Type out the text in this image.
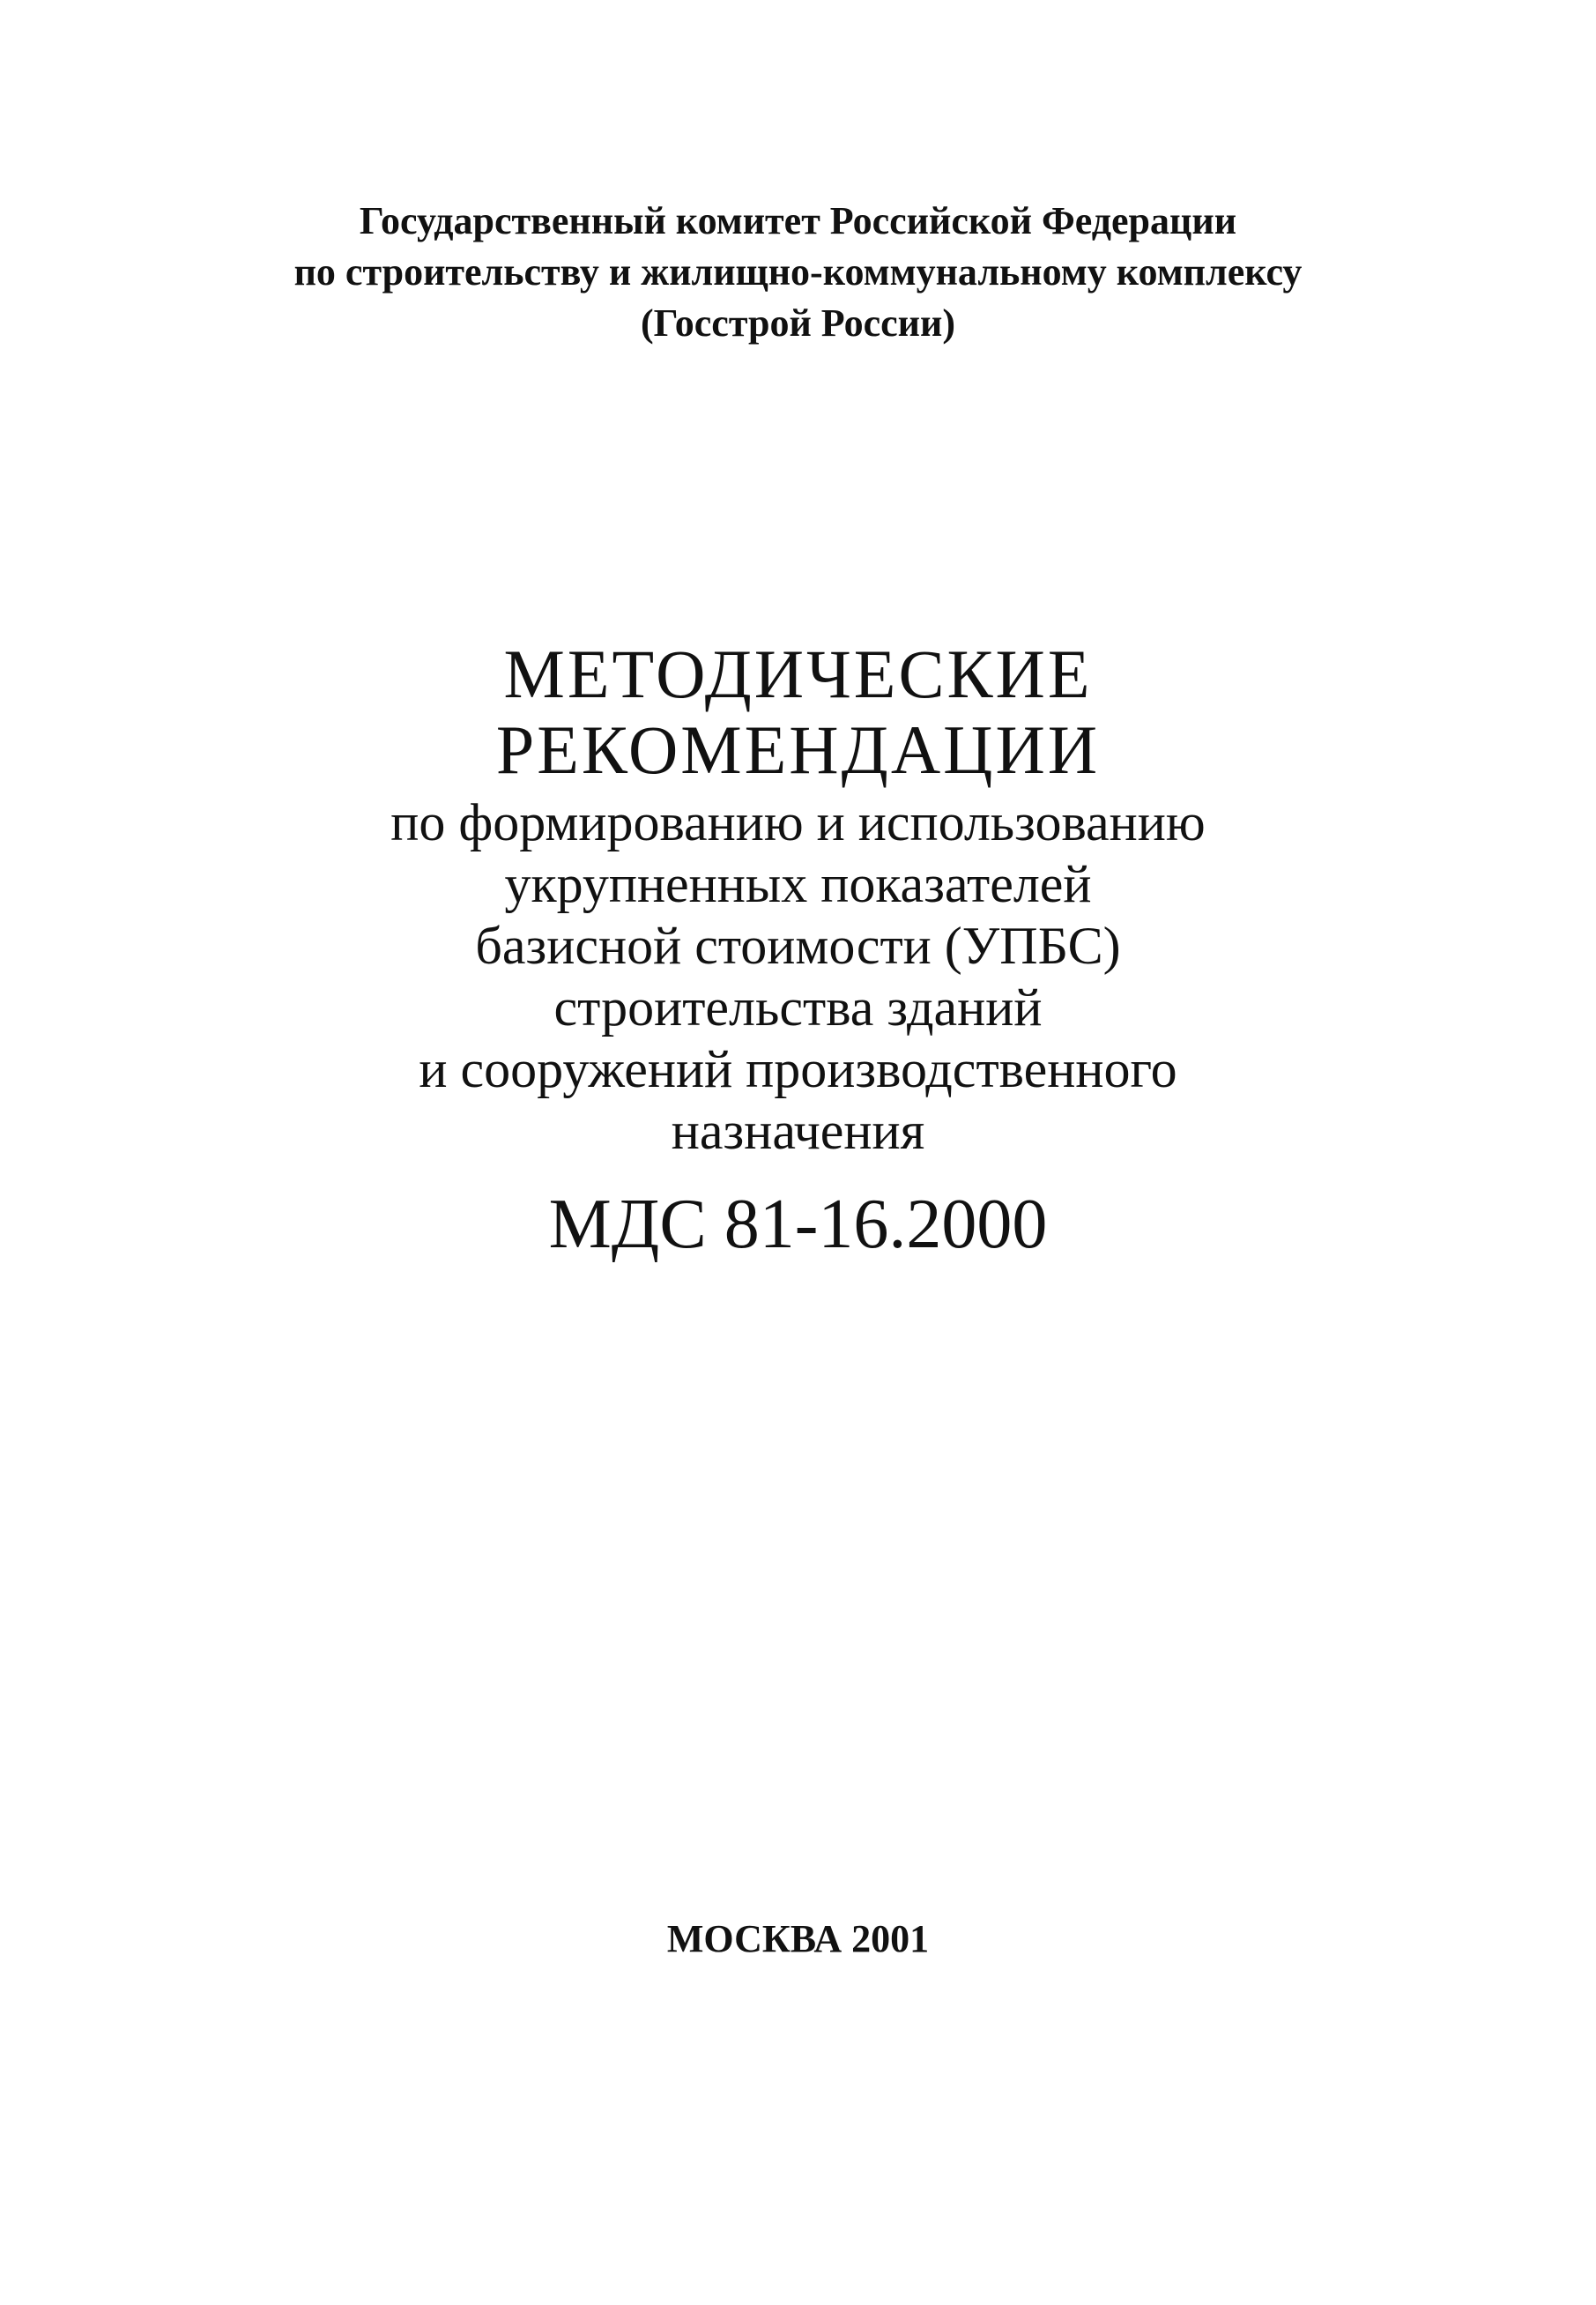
Государственный комитет Российской Федерации
по строительству и жилищно-коммунальному комплексу
(Госстрой России)
МЕТОДИЧЕСКИЕ
РЕКОМЕНДАЦИИ
по формированию и использованию
укрупненных показателей
базисной стоимости (УПБС)
строительства зданий
и сооружений производственного
назначения
МДС 81-16.2000
МОСКВА 2001
